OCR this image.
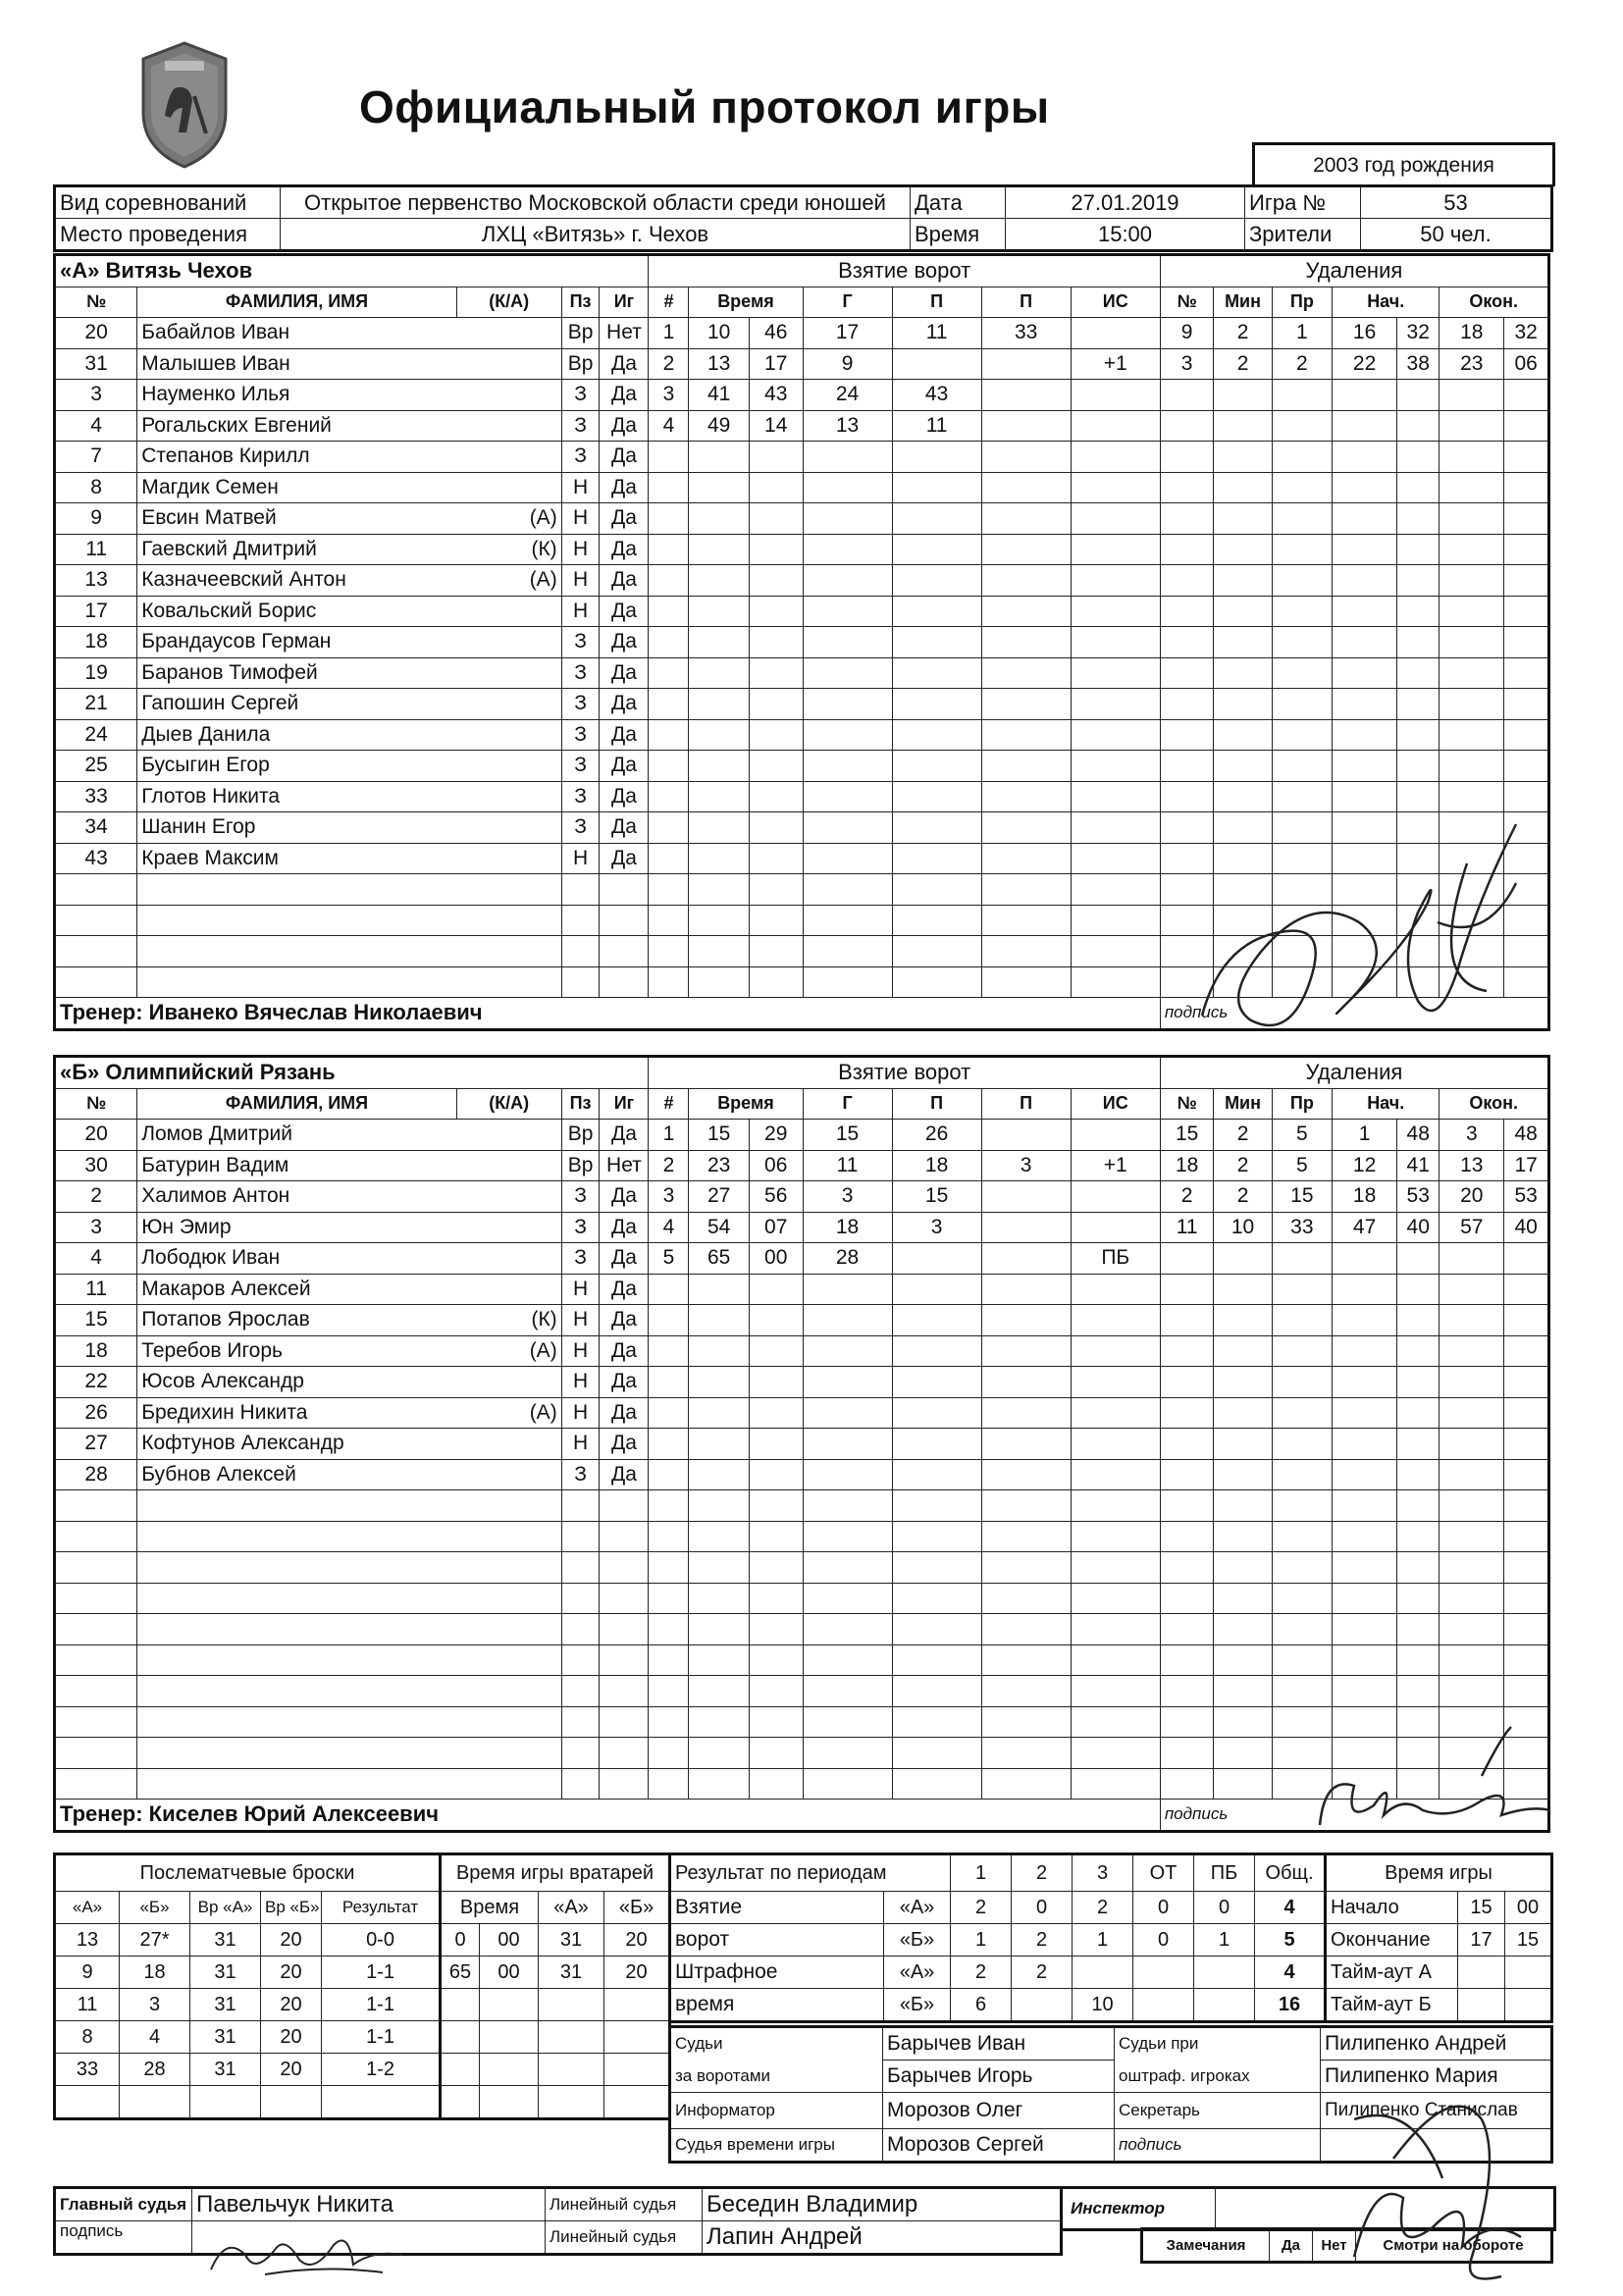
Официальный протокол игры
2003 год рождения
Вид соревнований	Открытое первенство Московской области среди юношей	Дата	27.01.2019	Игра №	53
Место проведения	ЛХЦ «Витязь» г. Чехов	Время	15:00	Зрители	50 чел.
«А» Витязь Чехов					Взятие ворот							Удаления						
№	ФАМИЛИЯ, ИМЯ	(К/А)	Пз	Иг	#	Время		Г	П	П	ИС	№	Мин	Пр	Нач.		Окон.	
20	Бабайлов Иван		Вр	Нет	1	10	46	17	11	33		9	2	1	16	32	18	32
31	Малышев Иван		Вр	Да	2	13	17	9			+1	3	2	2	22	38	23	06
3	Науменко Илья		З	Да	3	41	43	24	43									
4	Рогальских Евгений		З	Да	4	49	14	13	11									
7	Степанов Кирилл		З	Да														
8	Магдик Семен		Н	Да														
9	Евсин Матвей	(А)	Н	Да														
11	Гаевский Дмитрий	(К)	Н	Да														
13	Казначеевский Антон	(А)	Н	Да														
17	Ковальский Борис		Н	Да														
18	Брандаусов Герман		З	Да														
19	Баранов Тимофей		З	Да														
21	Гапошин Сергей		З	Да														
24	Дыев Данила		З	Да														
25	Бусыгин Егор		З	Да														
33	Глотов Никита		З	Да														
34	Шанин Егор		З	Да														
43	Краев Максим		Н	Да														

Тренер: Иванеко Вячеслав Николаевич												подпись						
«Б» Олимпийский Рязань					Взятие ворот							Удаления						
№	ФАМИЛИЯ, ИМЯ	(К/А)	Пз	Иг	#	Время		Г	П	П	ИС	№	Мин	Пр	Нач.		Окон.	
20	Ломов Дмитрий		Вр	Да	1	15	29	15	26			15	2	5	1	48	3	48
30	Батурин Вадим		Вр	Нет	2	23	06	11	18	3	+1	18	2	5	12	41	13	17
2	Халимов Антон		З	Да	3	27	56	3	15			2	2	15	18	53	20	53
3	Юн Эмир		З	Да	4	54	07	18	3			11	10	33	47	40	57	40
4	Лободюк Иван		З	Да	5	65	00	28			ПБ							
11	Макаров Алексей		Н	Да														
15	Потапов Ярослав	(К)	Н	Да														
18	Теребов Игорь	(А)	Н	Да														
22	Юсов Александр		Н	Да														
26	Бредихин Никита	(А)	Н	Да														
27	Кофтунов Александр		Н	Да														
28	Бубнов Алексей		З	Да														

Тренер: Киселев Юрий Алексеевич												подпись						
Послематчевые броски				
«А»	«Б»	Вр «А»	Вр «Б»	Результат
13	27*	31	20	0-0
9	18	31	20	1-1
11	3	31	20	1-1
8	4	31	20	1-1
33	28	31	20	1-2

Время игры вратарей			
Время		«А»	«Б»
0	00	31	20
65	00	31	20

Результат по периодам		1	2	3	ОТ	ПБ	Общ.
Взятие	«А»	2	0	2	0	0	4
ворот	«Б»	1	2	1	0	1	5
Штрафное	«А»	2	2				4
время	«Б»	6		10			16
Время игры		
Начало	15	00
Окончание	17	15
Тайм-аут А		
Тайм-аут Б		
Судьи	Барычев Иван	Судьи при	Пилипенко Андрей
за воротами	Барычев Игорь	оштраф. игроках	Пилипенко Мария
Информатор	Морозов Олег	Секретарь	Пилипенко Станислав
Судья времени игры	Морозов Сергей	подпись	
Главный судья	Павельчук Никита	Линейный судья	Беседин Владимир
подпись		Линейный судья	Лапин Андрей
Инспектор
Замечания	Да	Нет	Смотри на обороте
